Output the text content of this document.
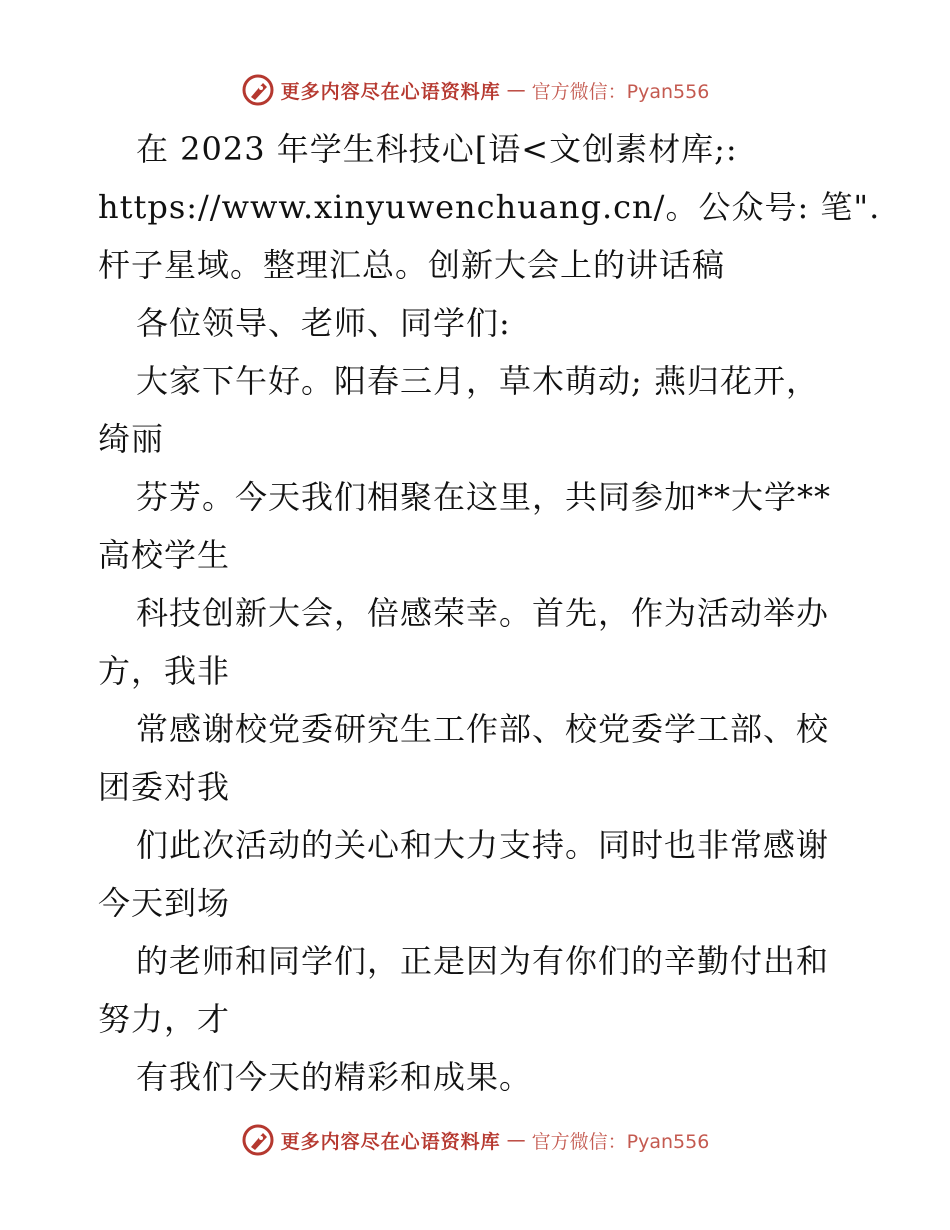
更多内容尽在心语资料库 — 官方微信：Pyan556
在 2023 年学生科技心[语<文创素材库;:
https://www.xinyuwenchuang.cn/。公众号: 笔".
杆子星域。整理汇总。创新大会上的讲话稿
各位领导、老师、同学们:
大家下午好。阳春三月，草木萌动; 燕归花开，
绮丽
芬芳。今天我们相聚在这里，共同参加**大学**
高校学生
科技创新大会，倍感荣幸。首先，作为活动举办
方，我非
常感谢校党委研究生工作部、校党委学工部、校
团委对我
们此次活动的关心和大力支持。同时也非常感谢
今天到场
的老师和同学们，正是因为有你们的辛勤付出和
努力，才
有我们今天的精彩和成果。
更多内容尽在心语资料库 — 官方微信：Pyan556
